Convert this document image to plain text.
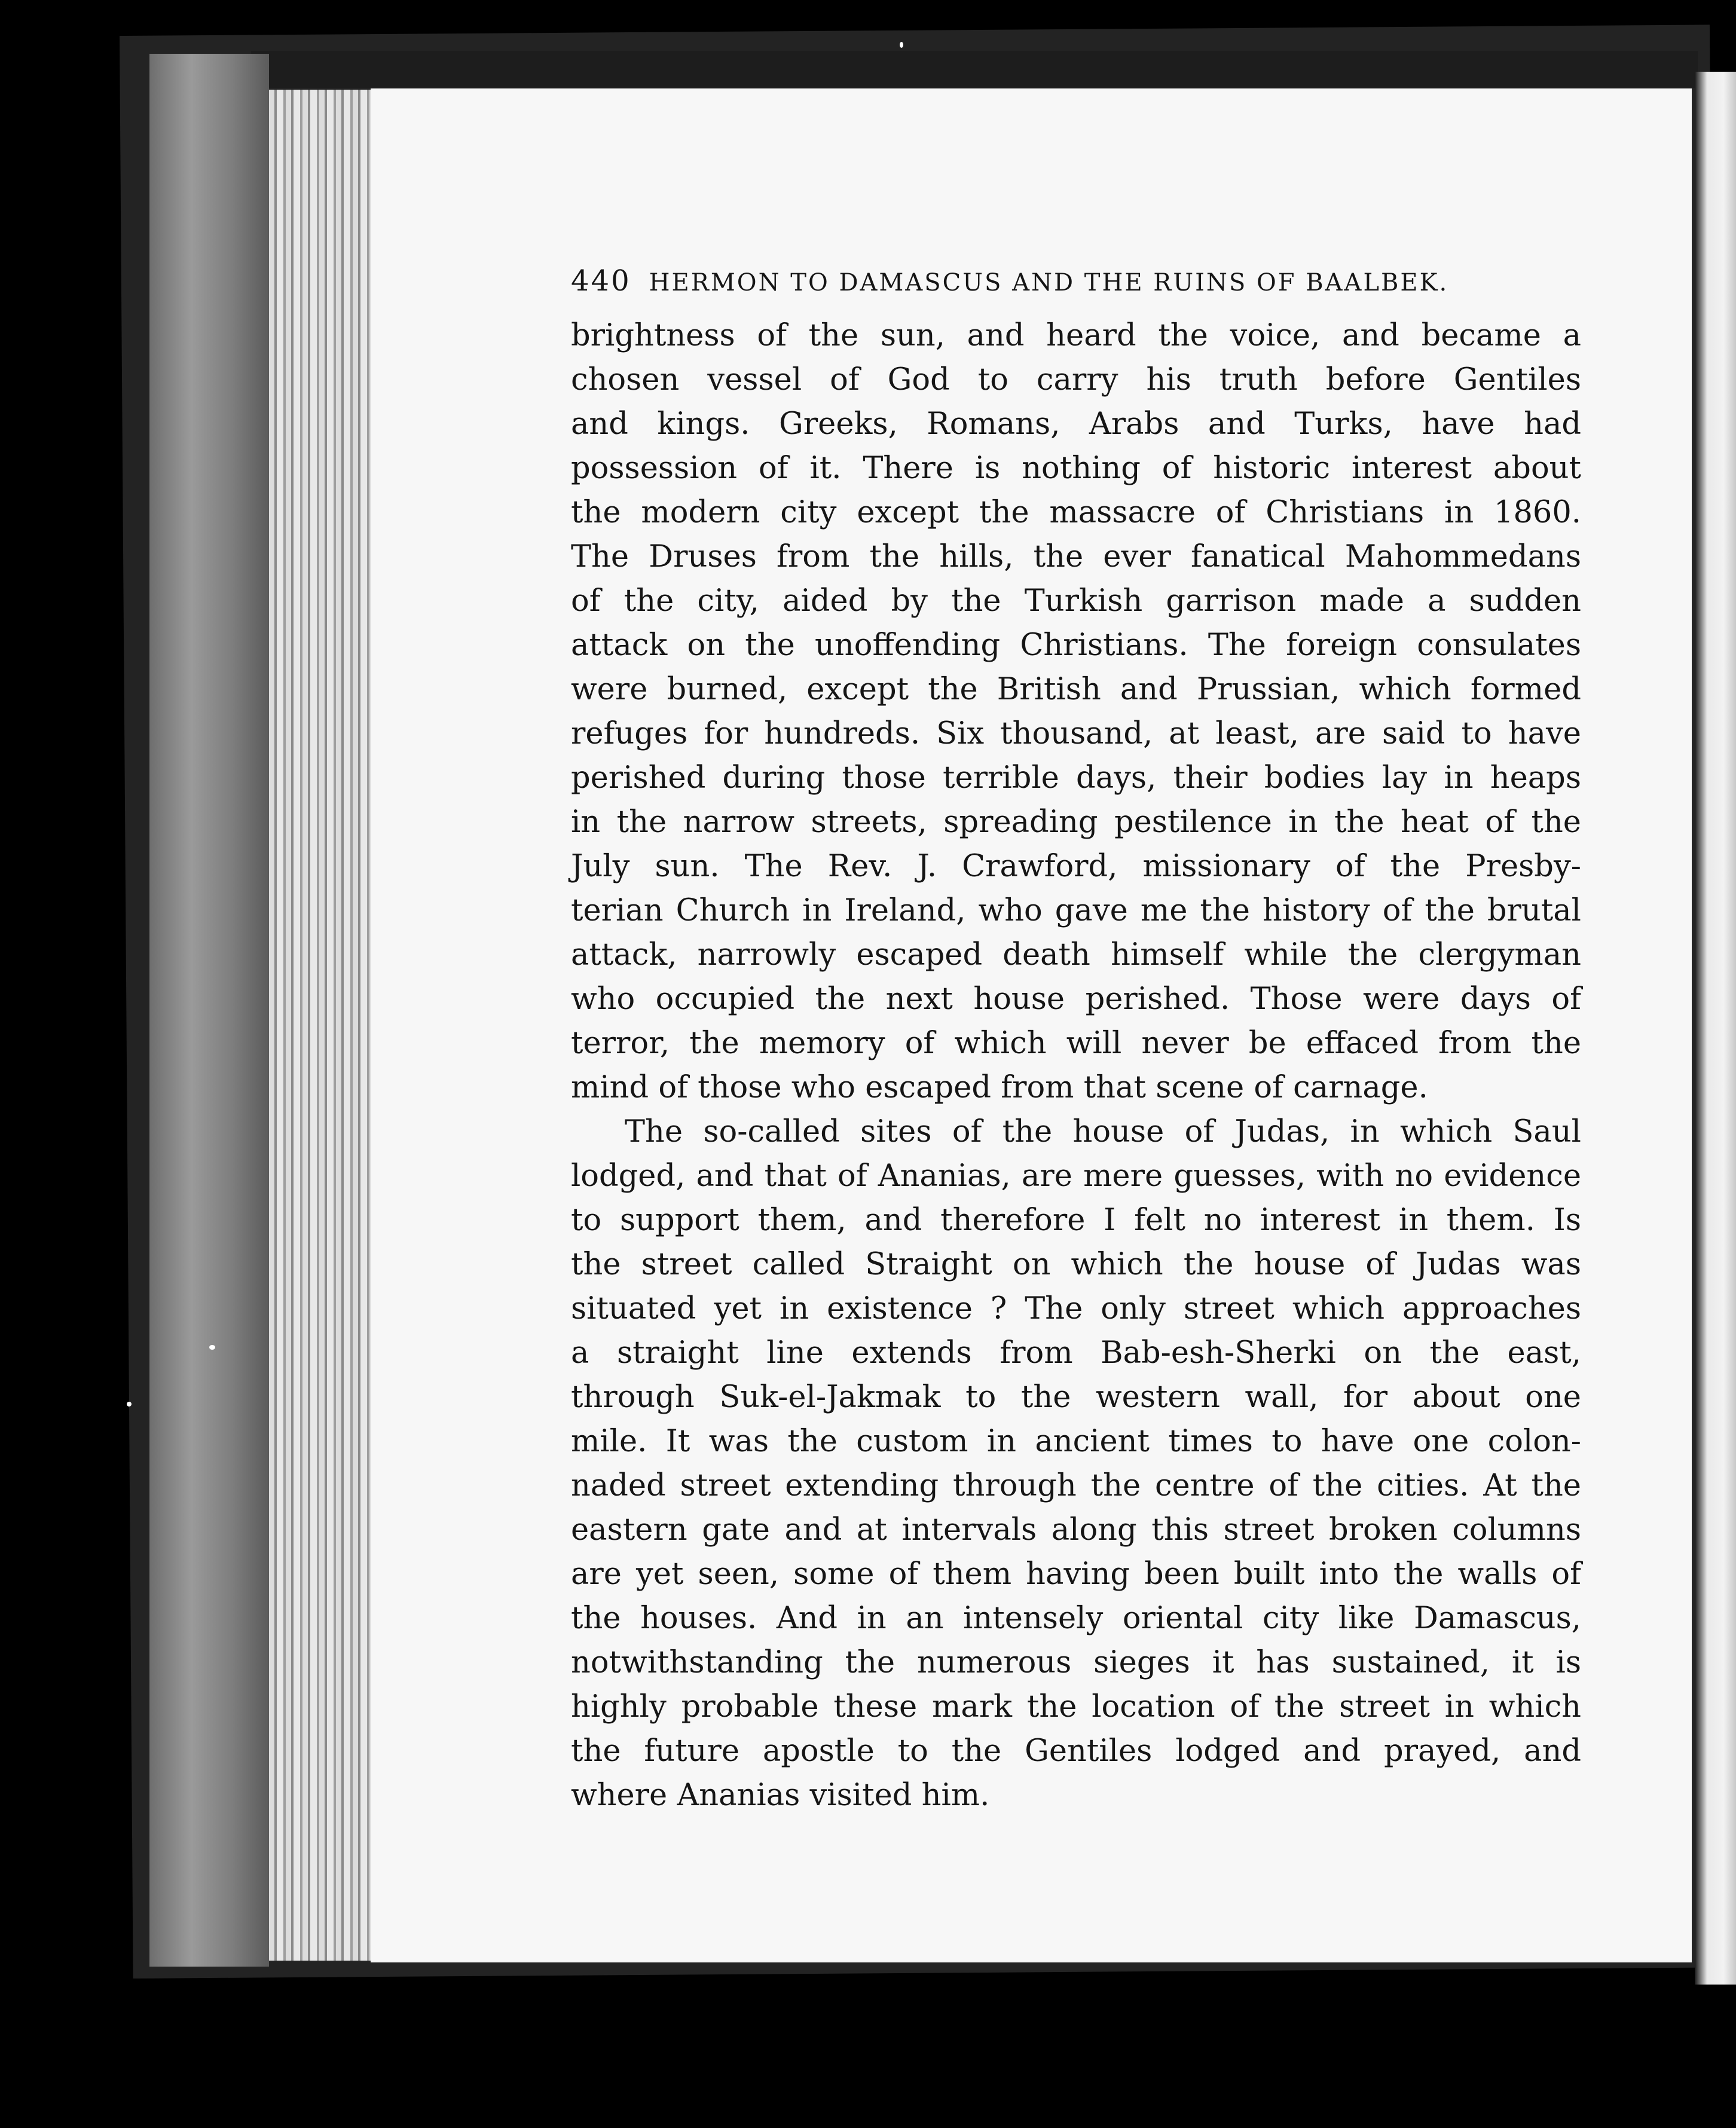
440 HERMON TO DAMASCUS AND THE RUINS OF BAALBEK.
brightness of the sun, and heard the voice, and became a
chosen vessel of God to carry his truth before Gentiles
and kings. Greeks, Romans, Arabs and Turks, have had
possession of it. There is nothing of historic interest about
the modern city except the massacre of Christians in 1860.
The Druses from the hills, the ever fanatical Mahommedans
of the city, aided by the Turkish garrison made a sudden
attack on the unoffending Christians. The foreign consulates
were burned, except the British and Prussian, which formed
refuges for hundreds. Six thousand, at least, are said to have
perished during those terrible days, their bodies lay in heaps
in the narrow streets, spreading pestilence in the heat of the
July sun. The Rev. J. Crawford, missionary of the Presby-
terian Church in Ireland, who gave me the history of the brutal
attack, narrowly escaped death himself while the clergyman
who occupied the next house perished. Those were days of
terror, the memory of which will never be effaced from the
mind of those who escaped from that scene of carnage.
The so-called sites of the house of Judas, in which Saul
lodged, and that of Ananias, are mere guesses, with no evidence
to support them, and therefore I felt no interest in them. Is
the street called Straight on which the house of Judas was
situated yet in existence ? The only street which approaches
a straight line extends from Bab-esh-Sherki on the east,
through Suk-el-Jakmak to the western wall, for about one
mile. It was the custom in ancient times to have one colon-
naded street extending through the centre of the cities. At the
eastern gate and at intervals along this street broken columns
are yet seen, some of them having been built into the walls of
the houses. And in an intensely oriental city like Damascus,
notwithstanding the numerous sieges it has sustained, it is
highly probable these mark the location of the street in which
the future apostle to the Gentiles lodged and prayed, and
where Ananias visited him.
